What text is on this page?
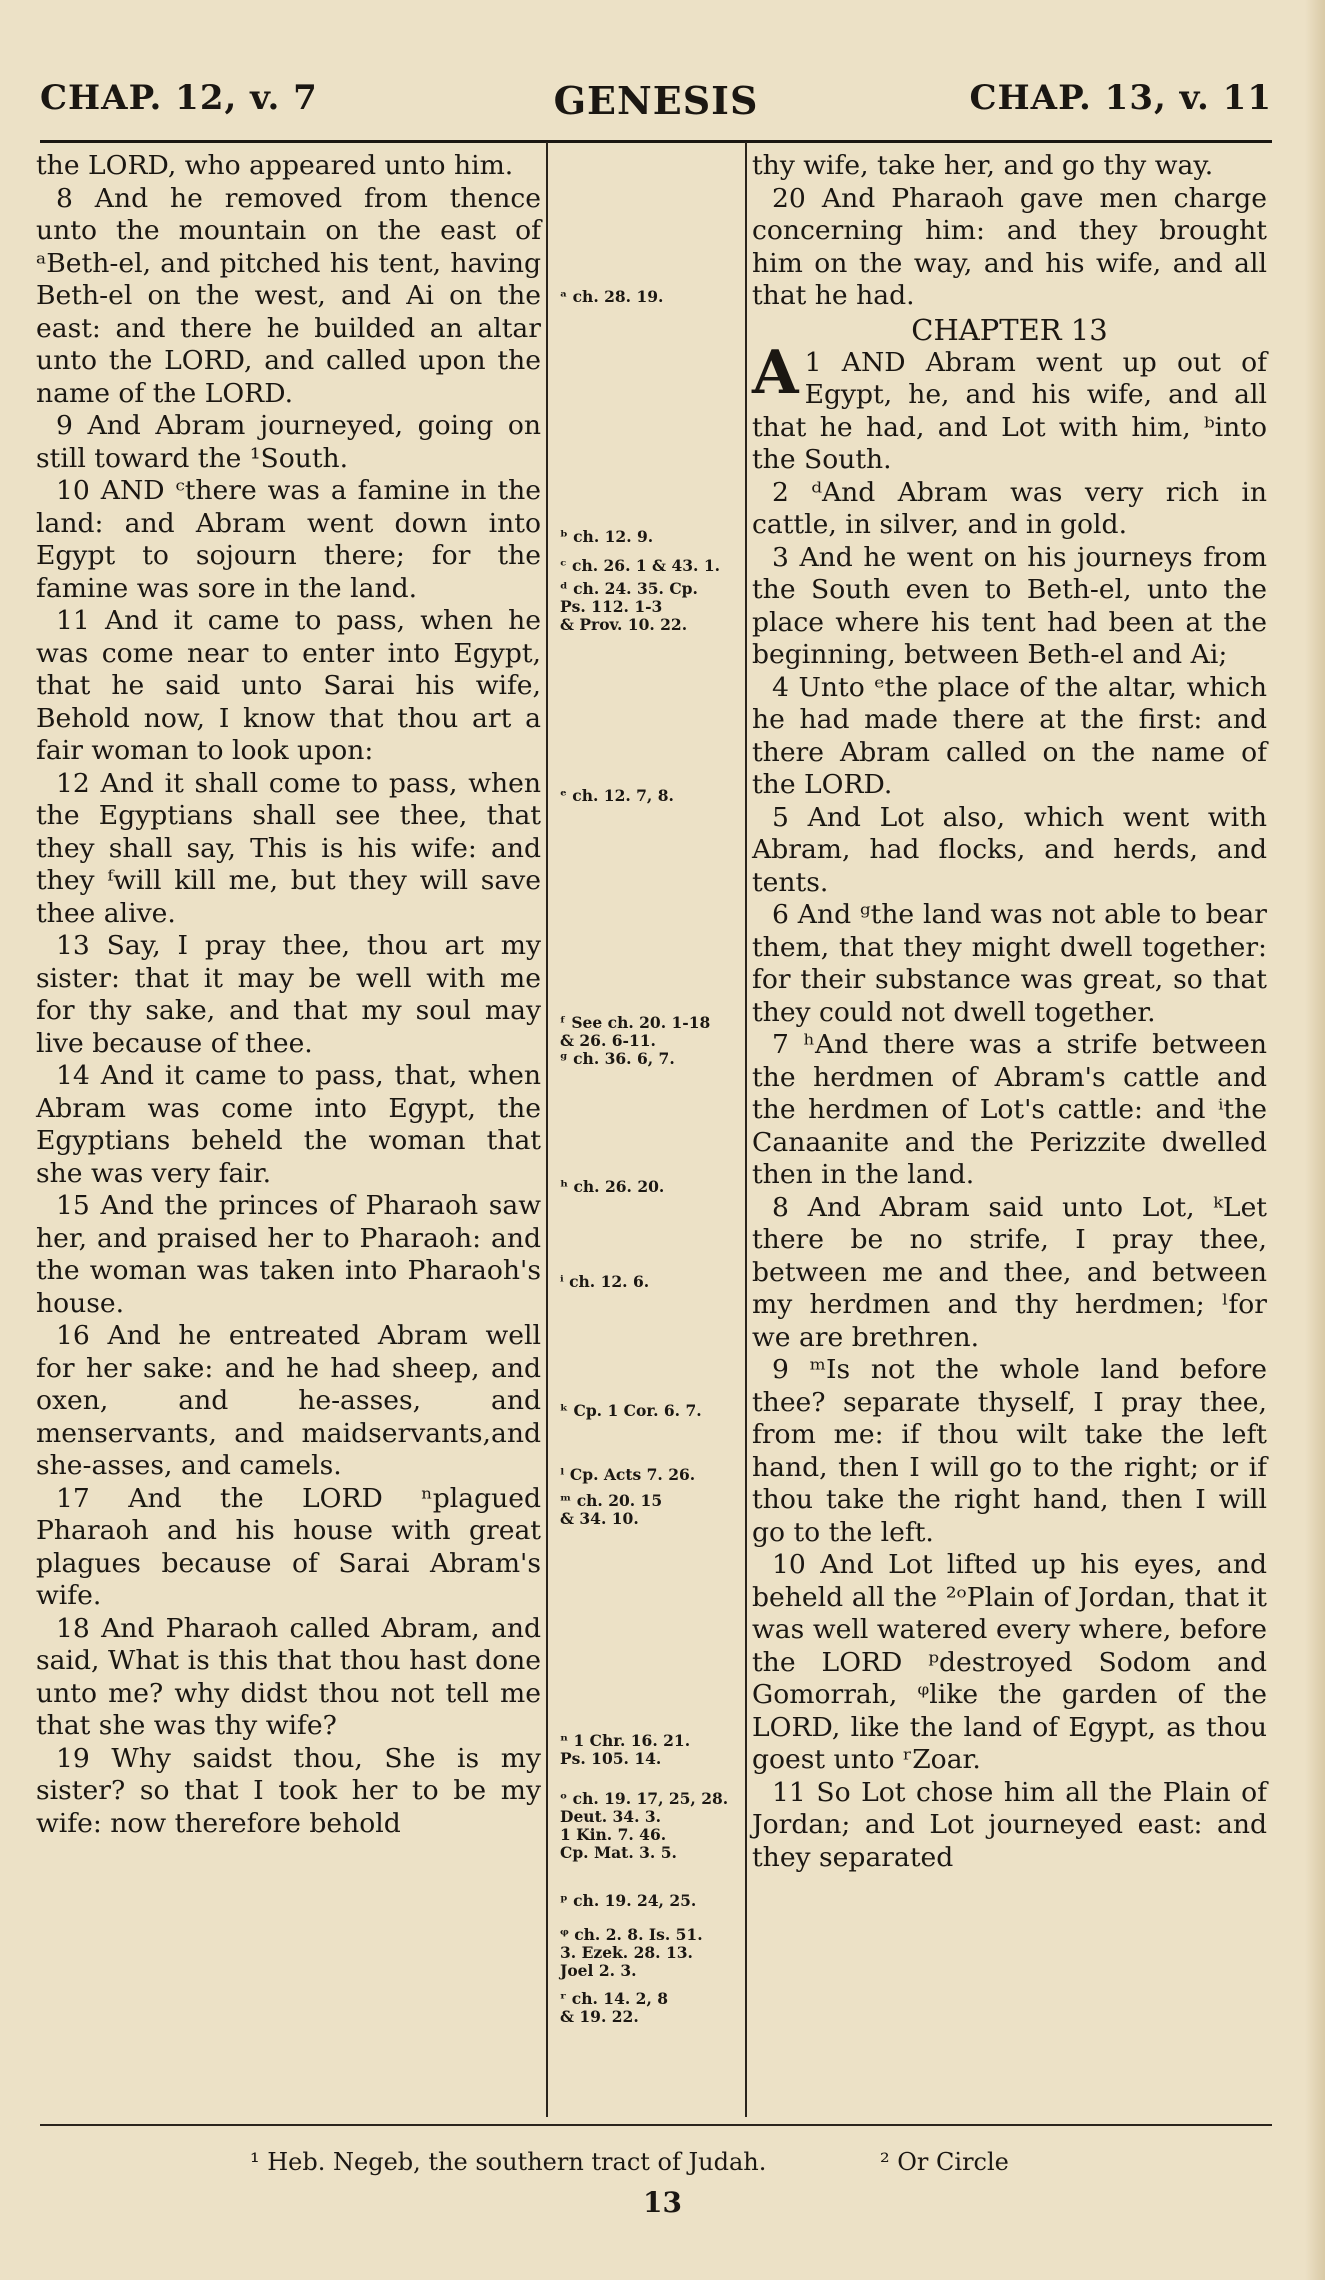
CHAP. 12, v. 7	GENESIS	CHAP. 13, v. 11

the LORD, who appeared unto him.

8 And he removed from thence unto the mountain on the east of ᵃBeth-el, and pitched his tent, having Beth-el on the west, and Ai on the east: and there he builded an altar unto the LORD, and called upon the name of the LORD.

9 And Abram journeyed, going on still toward the ¹South.

10 AND ᶜthere was a famine in the land: and Abram went down into Egypt to sojourn there; for the famine was sore in the land.

11 And it came to pass, when he was come near to enter into Egypt, that he said unto Sarai his wife, Behold now, I know that thou art a fair woman to look upon:

12 And it shall come to pass, when the Egyptians shall see thee, that they shall say, This is his wife: and they ᶠwill kill me, but they will save thee alive.

13 Say, I pray thee, thou art my sister: that it may be well with me for thy sake, and that my soul may live because of thee.

14 And it came to pass, that, when Abram was come into Egypt, the Egyptians beheld the woman that she was very fair.

15 And the princes of Pharaoh saw her, and praised her to Pharaoh: and the woman was taken into Pharaoh's house.

16 And he entreated Abram well for her sake: and he had sheep, and oxen, and he-asses, and menservants, and maidservants,and she-asses, and camels.

17 And the LORD ⁿplagued Pharaoh and his house with great plagues because of Sarai Abram's wife.

18 And Pharaoh called Abram, and said, What is this that thou hast done unto me? why didst thou not tell me that she was thy wife?

19 Why saidst thou, She is my sister? so that I took her to be my wife: now therefore behold

ᵃ ch. 28. 19.
ᵇ ch. 12. 9.
ᶜ ch. 26. 1 & 43. 1.
ᵈ ch. 24. 35. Cp.
Ps. 112. 1-3
& Prov. 10. 22.
ᵉ ch. 12. 7, 8.
ᶠ See ch. 20. 1-18
& 26. 6-11.
ᵍ ch. 36. 6, 7.
ʰ ch. 26. 20.
ⁱ ch. 12. 6.
ᵏ Cp. 1 Cor. 6. 7.
ˡ Cp. Acts 7. 26.
ᵐ ch. 20. 15
& 34. 10.
ⁿ 1 Chr. 16. 21.
Ps. 105. 14.
ᵒ ch. 19. 17, 25, 28.
Deut. 34. 3.
1 Kin. 7. 46.
Cp. Mat. 3. 5.
ᵖ ch. 19. 24, 25.
ᵠ ch. 2. 8. Is. 51.
3. Ezek. 28. 13.
Joel 2. 3.
ʳ ch. 14. 2, 8
& 19. 22.

thy wife, take her, and go thy way.

20 And Pharaoh gave men charge concerning him: and they brought him on the way, and his wife, and all that he had.

CHAPTER 13

A 1 AND Abram went up out of Egypt, he, and his wife, and all that he had, and Lot with him, ᵇinto the South.

2 ᵈAnd Abram was very rich in cattle, in silver, and in gold.

3 And he went on his journeys from the South even to Beth-el, unto the place where his tent had been at the beginning, between Beth-el and Ai;

4 Unto ᵉthe place of the altar, which he had made there at the first: and there Abram called on the name of the LORD.

5 And Lot also, which went with Abram, had flocks, and herds, and tents.

6 And ᵍthe land was not able to bear them, that they might dwell together: for their substance was great, so that they could not dwell together.

7 ʰAnd there was a strife between the herdmen of Abram's cattle and the herdmen of Lot's cattle: and ⁱthe Canaanite and the Perizzite dwelled then in the land.

8 And Abram said unto Lot, ᵏLet there be no strife, I pray thee, between me and thee, and between my herdmen and thy herdmen; ˡfor we are brethren.

9 ᵐIs not the whole land before thee? separate thyself, I pray thee, from me: if thou wilt take the left hand, then I will go to the right; or if thou take the right hand, then I will go to the left.

10 And Lot lifted up his eyes, and beheld all the ²ᵒPlain of Jordan, that it was well watered every where, before the LORD ᵖdestroyed Sodom and Gomorrah, ᵠlike the garden of the LORD, like the land of Egypt, as thou goest unto ʳZoar.

11 So Lot chose him all the Plain of Jordan; and Lot journeyed east: and they separated

¹ Heb. Negeb, the southern tract of Judah.	² Or Circle
13
